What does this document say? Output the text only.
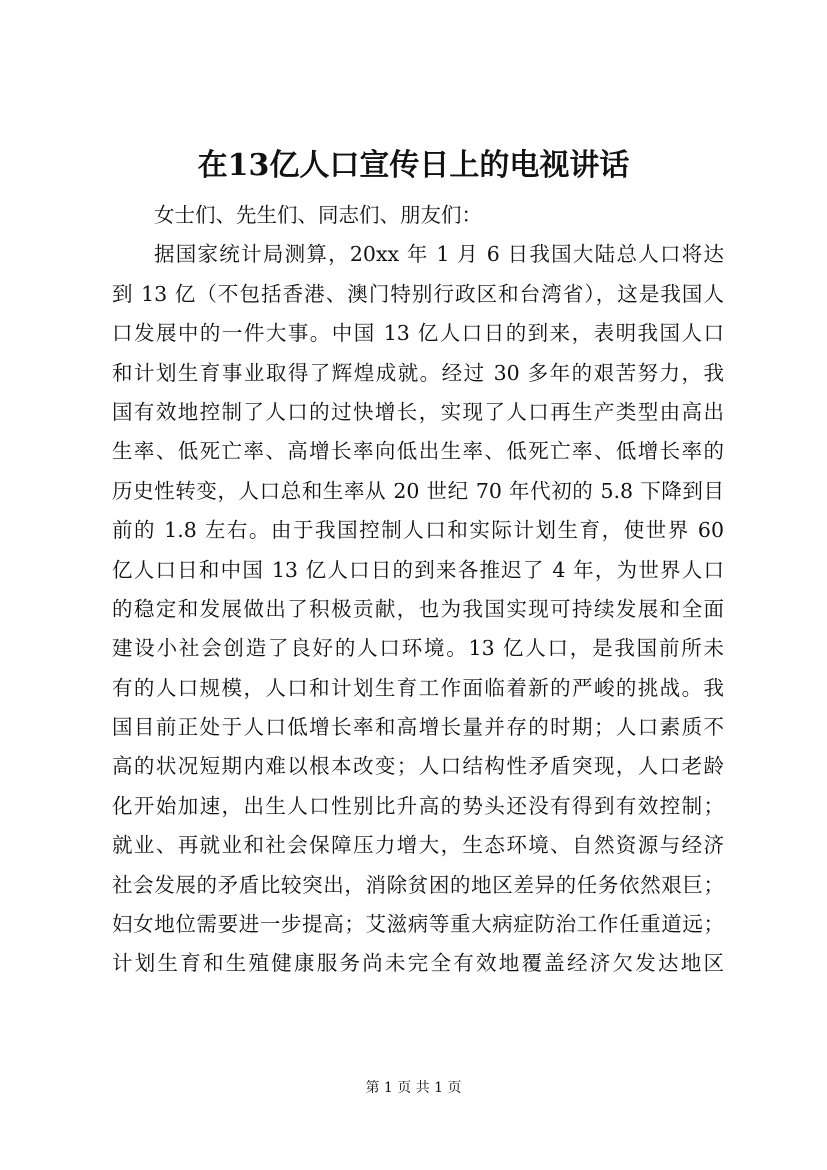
在13亿人口宣传日上的电视讲话
女士们、先生们、同志们、朋友们：
据国家统计局测算，20xx 年 1 月 6 日我国大陆总人口将达
到 13 亿（不包括香港、澳门特别行政区和台湾省），这是我国人
口发展中的一件大事。中国 13 亿人口日的到来，表明我国人口
和计划生育事业取得了辉煌成就。经过 30 多年的艰苦努力，我
国有效地控制了人口的过快增长，实现了人口再生产类型由高出
生率、低死亡率、高增长率向低出生率、低死亡率、低增长率的
历史性转变，人口总和生率从 20 世纪 70 年代初的 5.8 下降到目
前的 1.8 左右。由于我国控制人口和实际计划生育，使世界 60
亿人口日和中国 13 亿人口日的到来各推迟了 4 年，为世界人口
的稳定和发展做出了积极贡献，也为我国实现可持续发展和全面
建设小社会创造了良好的人口环境。13 亿人口，是我国前所未
有的人口规模，人口和计划生育工作面临着新的严峻的挑战。我
国目前正处于人口低增长率和高增长量并存的时期；人口素质不
高的状况短期内难以根本改变；人口结构性矛盾突现，人口老龄
化开始加速，出生人口性别比升高的势头还没有得到有效控制；
就业、再就业和社会保障压力增大，生态环境、自然资源与经济
社会发展的矛盾比较突出，消除贫困的地区差异的任务依然艰巨；
妇女地位需要进一步提高；艾滋病等重大病症防治工作任重道远；
计划生育和生殖健康服务尚未完全有效地覆盖经济欠发达地区
第 1 页 共 1 页
